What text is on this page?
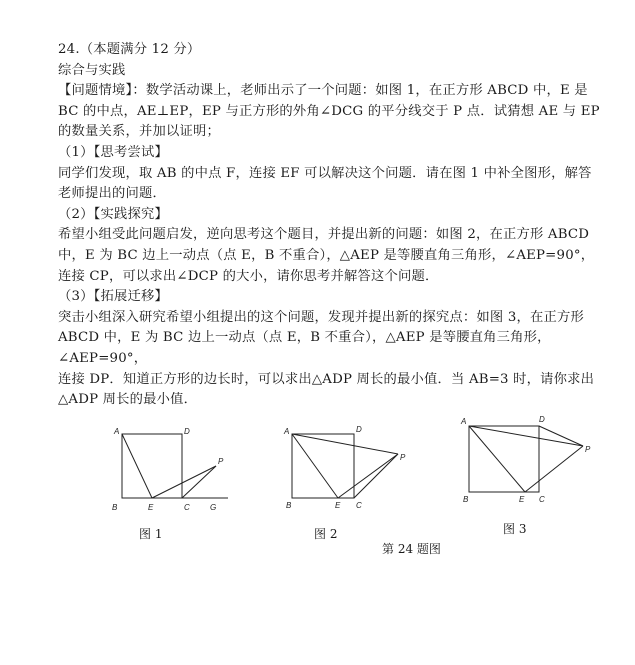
24.（本题满分 12 分）

综合与实践

【问题情境】：数学活动课上，老师出示了一个问题：如图 1，在正方形 ABCD 中，E 是

BC 的中点，AE⊥EP，EP 与正方形的外角∠DCG 的平分线交于 P 点．试猜想 AE 与 EP

的数量关系，并加以证明；

（1）【思考尝试】

同学们发现，取 AB 的中点 F，连接 EF 可以解决这个问题．请在图 1 中补全图形，解答

老师提出的问题．

（2）【实践探究】

希望小组受此问题启发，逆向思考这个题目，并提出新的问题：如图 2，在正方形 ABCD

中，E 为 BC 边上一动点（点 E，B 不重合），△AEP 是等腰直角三角形，∠AEP=90°，

连接 CP，可以求出∠DCP 的大小，请你思考并解答这个问题．

（3）【拓展迁移】

突击小组深入研究希望小组提出的这个问题，发现并提出新的探究点：如图 3，在正方形

ABCD 中，E 为 BC 边上一动点（点 E，B 不重合），△AEP 是等腰直角三角形，∠AEP=90°，

连接 DP．知道正方形的边长时，可以求出△ADP 周长的最小值．当 AB=3 时，请你求出

△ADP 周长的最小值．

A	D
B	E	C	G
P
图 1
A	D
B	E C
P
图 2
A	D
B	E C
P
图 3
第 24 题图
